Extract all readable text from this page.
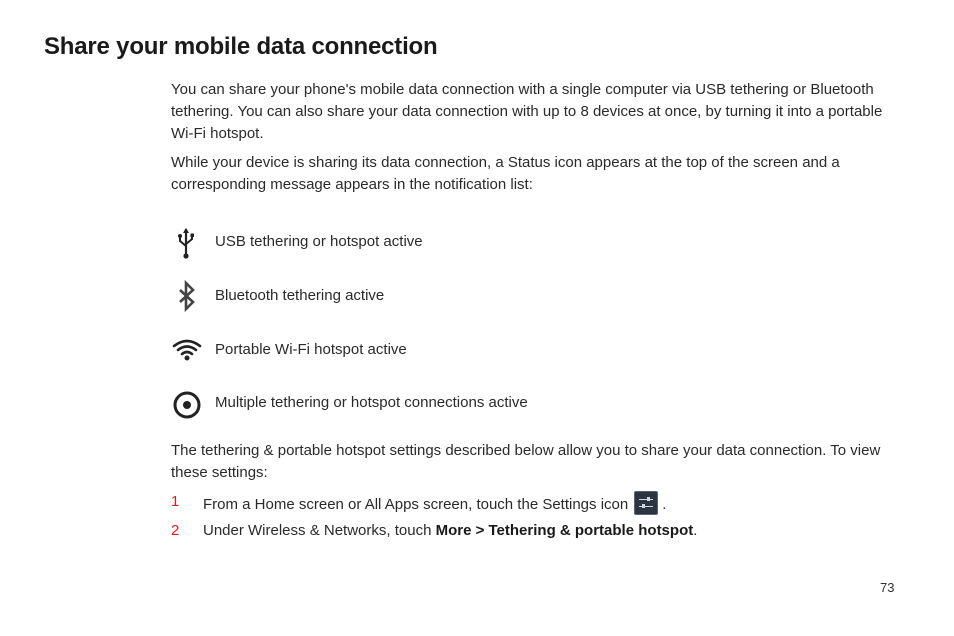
Share your mobile data connection

You can share your phone's mobile data connection with a single computer via USB tethering or Bluetooth tethering. You can also share your data connection with up to 8 devices at once, by turning it into a portable Wi-Fi hotspot.

While your device is sharing its data connection, a Status icon appears at the top of the screen and a corresponding message appears in the notification list:

USB tethering or hotspot active
Bluetooth tethering active
Portable Wi-Fi hotspot active
Multiple tethering or hotspot connections active

The tethering & portable hotspot settings described below allow you to share your data connection. To view these settings:

1 From a Home screen or All Apps screen, touch the Settings icon .
2 Under Wireless & Networks, touch More > Tethering & portable hotspot.
73
